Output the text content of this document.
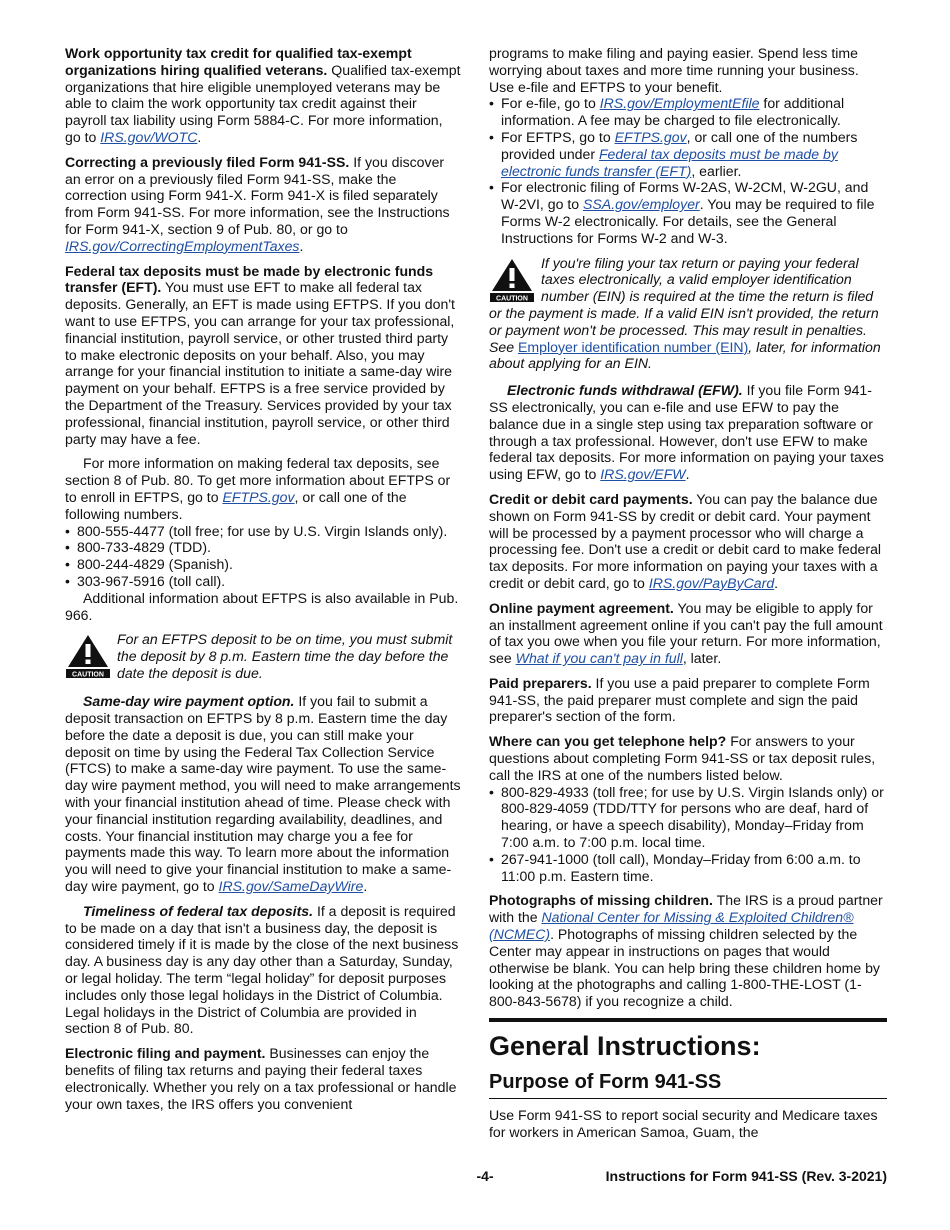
Work opportunity tax credit for qualified tax-exempt organizations hiring qualified veterans. Qualified tax-exempt organizations that hire eligible unemployed veterans may be able to claim the work opportunity tax credit against their payroll tax liability using Form 5884-C. For more information, go to IRS.gov/WOTC.

Correcting a previously filed Form 941-SS. If you discover an error on a previously filed Form 941-SS, make the correction using Form 941-X. Form 941-X is filed separately from Form 941-SS. For more information, see the Instructions for Form 941-X, section 9 of Pub. 80, or go to IRS.gov/CorrectingEmploymentTaxes.

Federal tax deposits must be made by electronic funds transfer (EFT). You must use EFT to make all federal tax deposits. Generally, an EFT is made using EFTPS. If you don't want to use EFTPS, you can arrange for your tax professional, financial institution, payroll service, or other trusted third party to make electronic deposits on your behalf. Also, you may arrange for your financial institution to initiate a same-day wire payment on your behalf. EFTPS is a free service provided by the Department of the Treasury. Services provided by your tax professional, financial institution, payroll service, or other third party may have a fee.

For more information on making federal tax deposits, see section 8 of Pub. 80. To get more information about EFTPS or to enroll in EFTPS, go to EFTPS.gov, or call one of the following numbers.

• 800-555-4477 (toll free; for use by U.S. Virgin Islands only).

• 800-733-4829 (TDD).

• 800-244-4829 (Spanish).

• 303-967-5916 (toll call).

Additional information about EFTPS is also available in Pub. 966.

CAUTION
For an EFTPS deposit to be on time, you must submit the deposit by 8 p.m. Eastern time the day before the date the deposit is due.

Same-day wire payment option. If you fail to submit a deposit transaction on EFTPS by 8 p.m. Eastern time the day before the date a deposit is due, you can still make your deposit on time by using the Federal Tax Collection Service (FTCS) to make a same-day wire payment. To use the same-day wire payment method, you will need to make arrangements with your financial institution ahead of time. Please check with your financial institution regarding availability, deadlines, and costs. Your financial institution may charge you a fee for payments made this way. To learn more about the information you will need to give your financial institution to make a same-day wire payment, go to IRS.gov/SameDayWire.

Timeliness of federal tax deposits. If a deposit is required to be made on a day that isn't a business day, the deposit is considered timely if it is made by the close of the next business day. A business day is any day other than a Saturday, Sunday, or legal holiday. The term “legal holiday” for deposit purposes includes only those legal holidays in the District of Columbia. Legal holidays in the District of Columbia are provided in section 8 of Pub. 80.

Electronic filing and payment. Businesses can enjoy the benefits of filing tax returns and paying their federal taxes electronically. Whether you rely on a tax professional or handle your own taxes, the IRS offers you convenient

programs to make filing and paying easier. Spend less time worrying about taxes and more time running your business. Use e-file and EFTPS to your benefit.

• For e-file, go to IRS.gov/EmploymentEfile for additional information. A fee may be charged to file electronically.

• For EFTPS, go to EFTPS.gov, or call one of the numbers provided under Federal tax deposits must be made by electronic funds transfer (EFT), earlier.

• For electronic filing of Forms W-2AS, W-2CM, W-2GU, and W-2VI, go to SSA.gov/employer. You may be required to file Forms W-2 electronically. For details, see the General Instructions for Forms W-2 and W-3.

CAUTION
If you're filing your tax return or paying your federal taxes electronically, a valid employer identification number (EIN) is required at the time the return is filed or the payment is made. If a valid EIN isn't provided, the return or payment won't be processed. This may result in penalties. See Employer identification number (EIN), later, for information about applying for an EIN.

Electronic funds withdrawal (EFW). If you file Form 941-SS electronically, you can e-file and use EFW to pay the balance due in a single step using tax preparation software or through a tax professional. However, don't use EFW to make federal tax deposits. For more information on paying your taxes using EFW, go to IRS.gov/EFW.

Credit or debit card payments. You can pay the balance due shown on Form 941-SS by credit or debit card. Your payment will be processed by a payment processor who will charge a processing fee. Don't use a credit or debit card to make federal tax deposits. For more information on paying your taxes with a credit or debit card, go to IRS.gov/PayByCard.

Online payment agreement. You may be eligible to apply for an installment agreement online if you can't pay the full amount of tax you owe when you file your return. For more information, see What if you can't pay in full, later.

Paid preparers. If you use a paid preparer to complete Form 941-SS, the paid preparer must complete and sign the paid preparer's section of the form.

Where can you get telephone help? For answers to your questions about completing Form 941-SS or tax deposit rules, call the IRS at one of the numbers listed below.

• 800-829-4933 (toll free; for use by U.S. Virgin Islands only) or 800-829-4059 (TDD/TTY for persons who are deaf, hard of hearing, or have a speech disability), Monday–Friday from 7:00 a.m. to 7:00 p.m. local time.

• 267-941-1000 (toll call), Monday–Friday from 6:00 a.m. to 11:00 p.m. Eastern time.

Photographs of missing children. The IRS is a proud partner with the National Center for Missing & Exploited Children® (NCMEC). Photographs of missing children selected by the Center may appear in instructions on pages that would otherwise be blank. You can help bring these children home by looking at the photographs and calling 1-800-THE-LOST (1-800-843-5678) if you recognize a child.

General Instructions:
Purpose of Form 941-SS

Use Form 941-SS to report social security and Medicare taxes for workers in American Samoa, Guam, the

-4-	Instructions for Form 941-SS (Rev. 3-2021)
